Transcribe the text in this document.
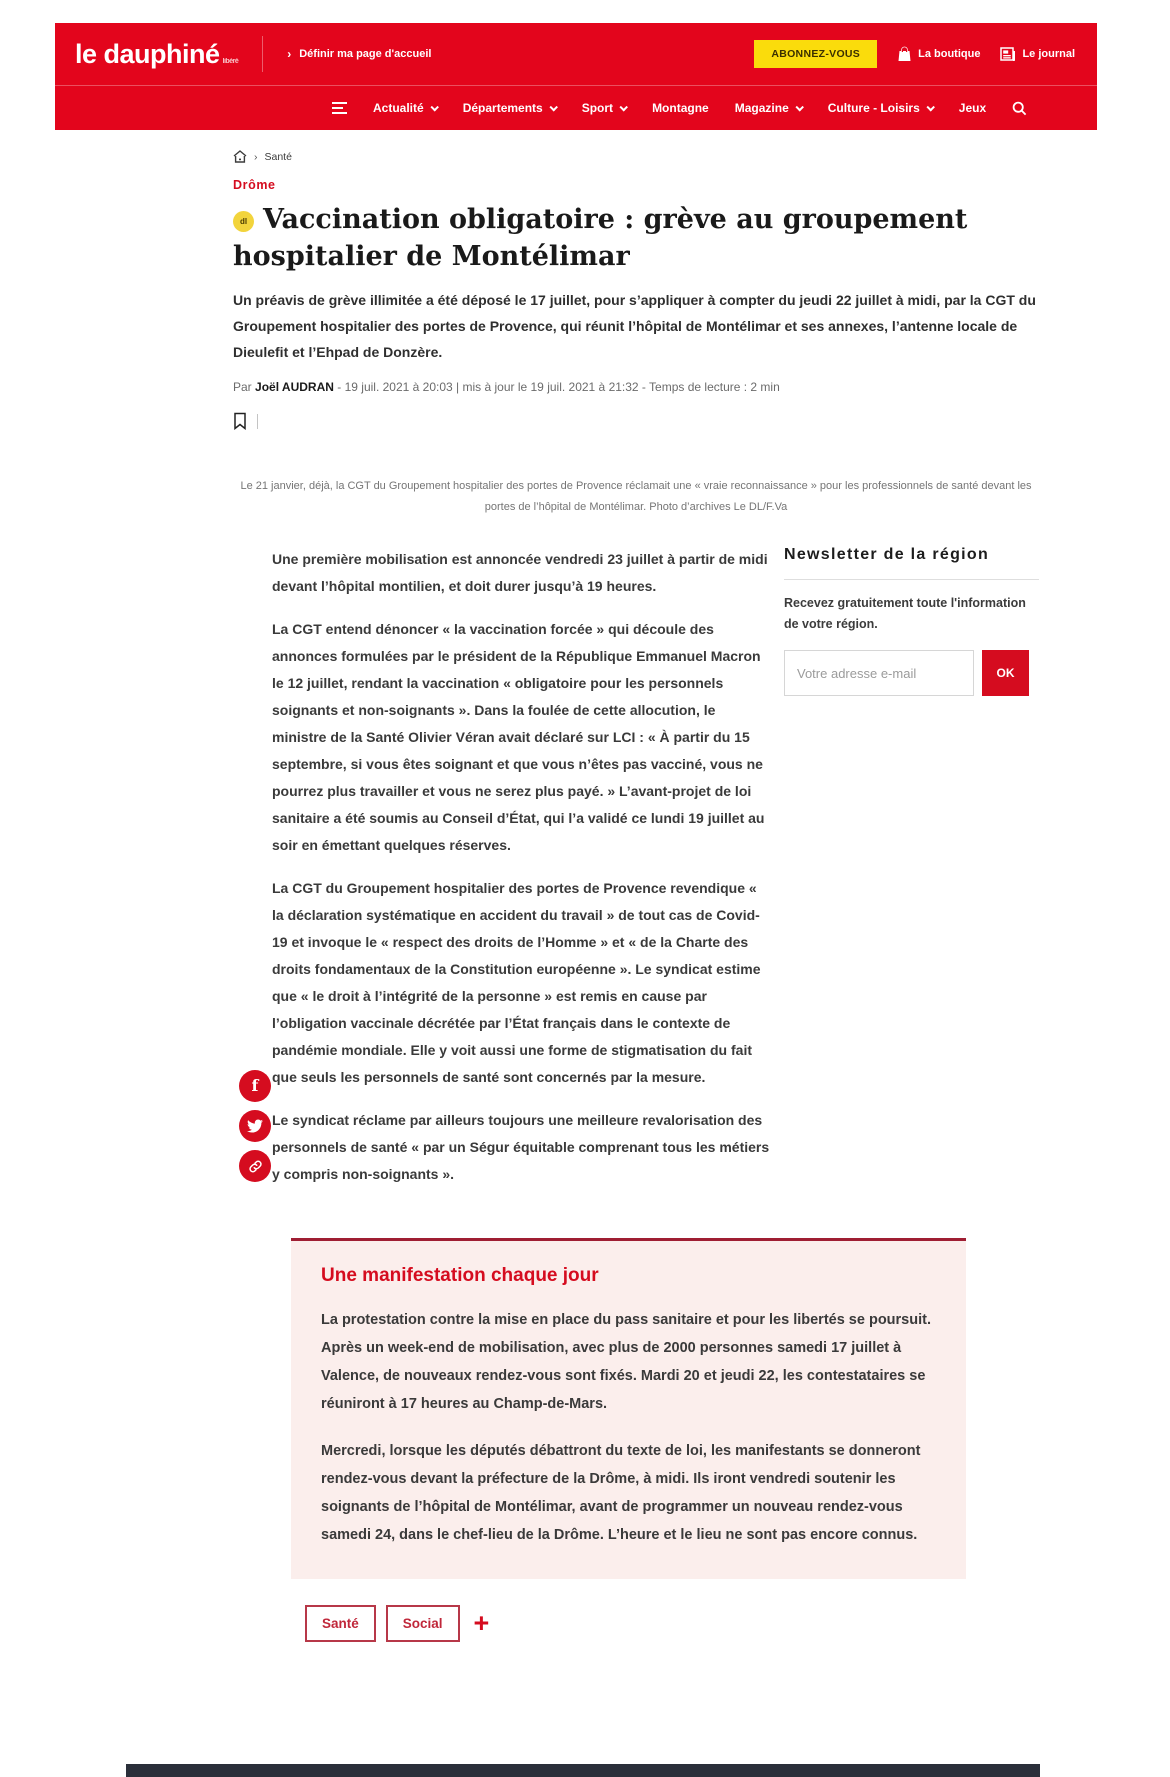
le dauphiné libéré	› Définir ma page d'accueil	ABONNEZ-VOUS	La boutique	Le journal
Actualité	Départements	Sport	Montagne Magazine	Culture - Loisirs	Jeux
› Santé
Drôme
dl Vaccination obligatoire : grève au groupement hospitalier de Montélimar

Un préavis de grève illimitée a été déposé le 17 juillet, pour s’appliquer à compter du jeudi 22 juillet à midi, par la CGT du Groupement hospitalier des portes de Provence, qui réunit l’hôpital de Montélimar et ses annexes, l’antenne locale de Dieulefit et l’Ehpad de Donzère.

Par Joël AUDRAN - 19 juil. 2021 à 20:03 | mis à jour le 19 juil. 2021 à 21:32 - Temps de lecture : 2 min
Le 21 janvier, déjà, la CGT du Groupement hospitalier des portes de Provence réclamait une « vraie reconnaissance » pour les professionnels de santé devant les portes de l’hôpital de Montélimar. Photo d’archives Le DL/F.Va

Une première mobilisation est annoncée vendredi 23 juillet à partir de midi devant l’hôpital montilien, et doit durer jusqu’à 19 heures.

La CGT entend dénoncer « la vaccination forcée » qui découle des annonces formulées par le président de la République Emmanuel Macron le 12 juillet, rendant la vaccination « obligatoire pour les personnels soignants et non-soignants ». Dans la foulée de cette allocution, le ministre de la Santé Olivier Véran avait déclaré sur LCI : « À partir du 15 septembre, si vous êtes soignant et que vous n’êtes pas vacciné, vous ne pourrez plus travailler et vous ne serez plus payé. » L’avant-projet de loi sanitaire a été soumis au Conseil d’État, qui l’a validé ce lundi 19 juillet au soir en émettant quelques réserves.

La CGT du Groupement hospitalier des portes de Provence revendique « la déclaration systématique en accident du travail » de tout cas de Covid-19 et invoque le « respect des droits de l’Homme » et « de la Charte des droits fondamentaux de la Constitution européenne ». Le syndicat estime que « le droit à l’intégrité de la personne » est remis en cause par l’obligation vaccinale décrétée par l’État français dans le contexte de pandémie mondiale. Elle y voit aussi une forme de stigmatisation du fait que seuls les personnels de santé sont concernés par la mesure.

Le syndicat réclame par ailleurs toujours une meilleure revalorisation des personnels de santé « par un Ségur équitable comprenant tous les métiers y compris non-soignants ».

Newsletter de la région
Recevez gratuitement toute l'information de votre région.
Votre adresse e-mail
OK
Une manifestation chaque jour

La protestation contre la mise en place du pass sanitaire et pour les libertés se poursuit. Après un week-end de mobilisation, avec plus de 2000 personnes samedi 17 juillet à Valence, de nouveaux rendez-vous sont fixés. Mardi 20 et jeudi 22, les contestataires se réuniront à 17 heures au Champ-de-Mars.

Mercredi, lorsque les députés débattront du texte de loi, les manifestants se donneront rendez-vous devant la préfecture de la Drôme, à midi. Ils iront vendredi soutenir les soignants de l’hôpital de Montélimar, avant de programmer un nouveau rendez-vous samedi 24, dans le chef-lieu de la Drôme. L’heure et le lieu ne sont pas encore connus.

Santé	Social	+
f
